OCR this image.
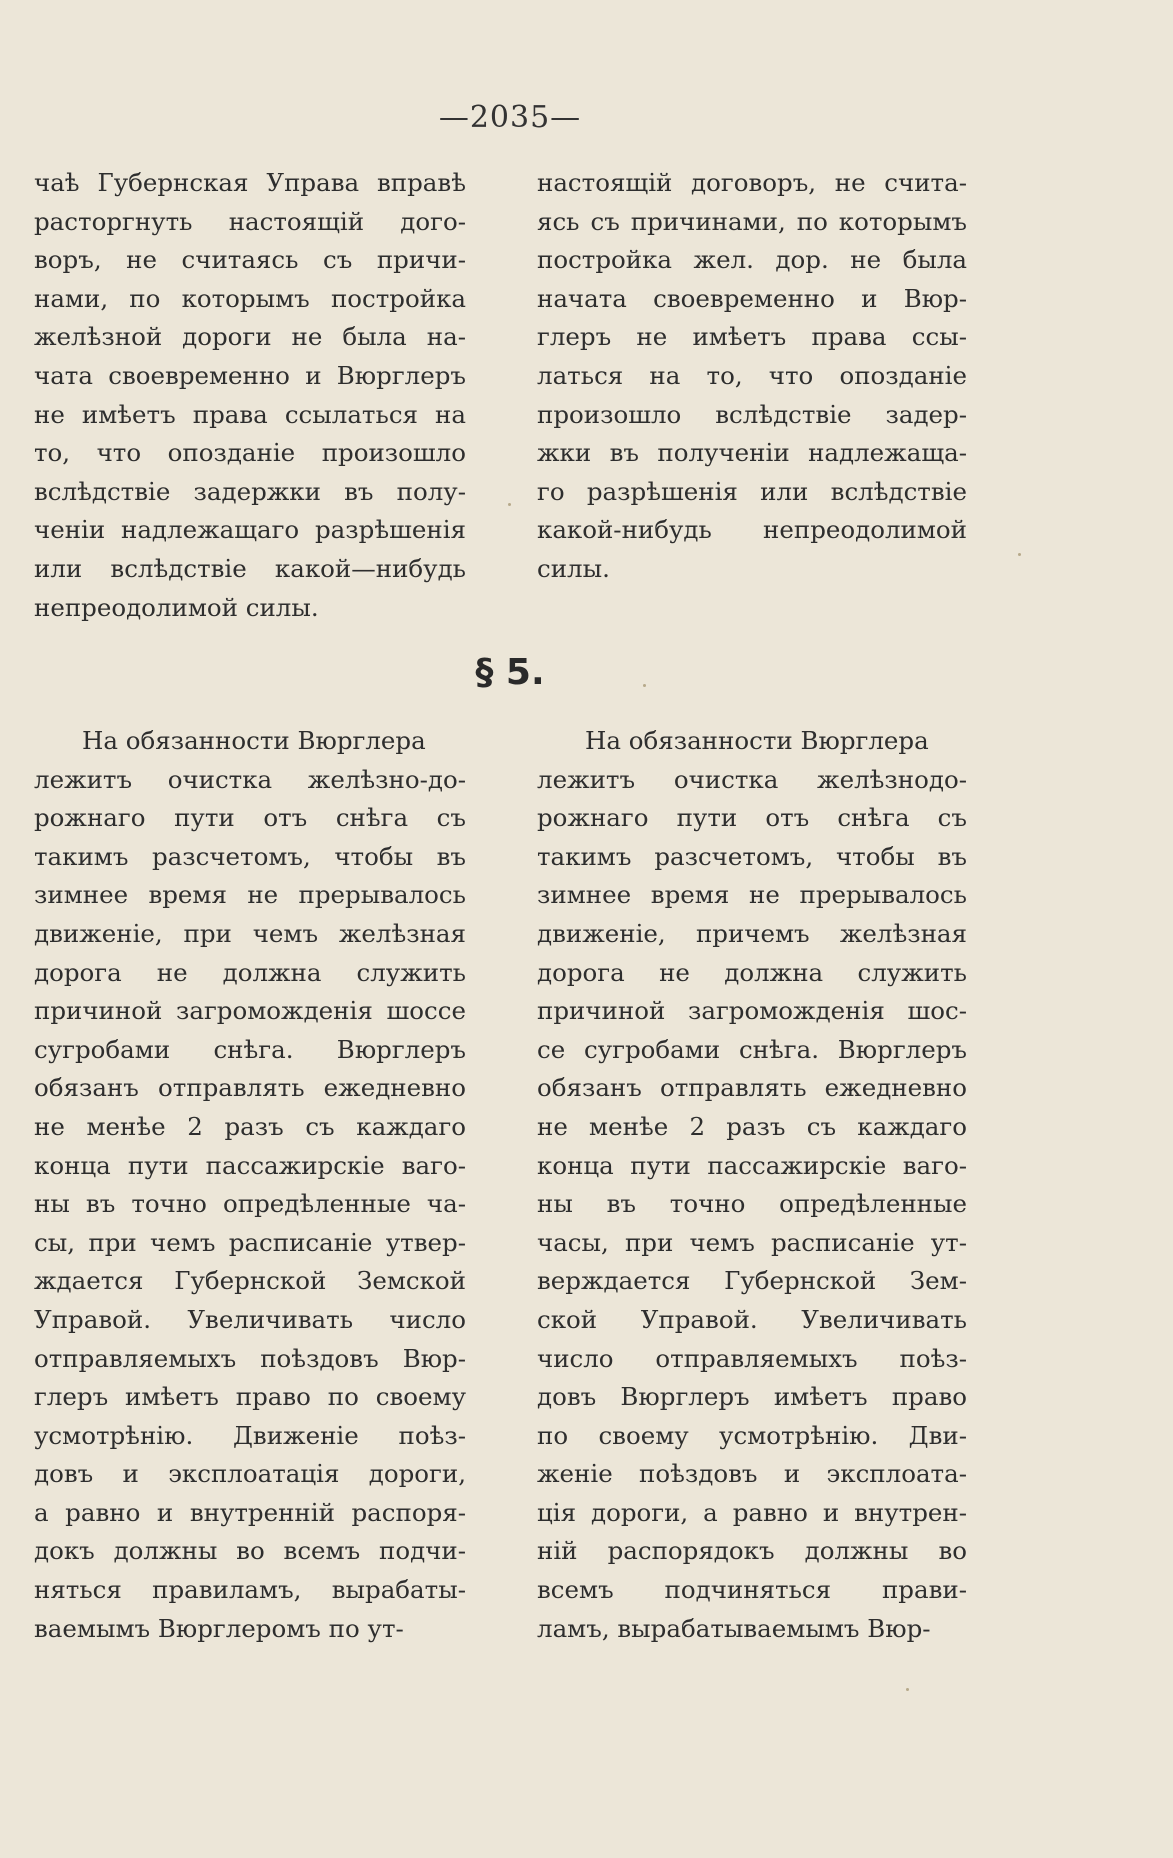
—2035—
чаѣ Губернская Управа вправѣ
расторгнуть настоящій дого-
воръ, не считаясь съ причи-
нами, по которымъ постройка
желѣзной дороги не была на-
чата своевременно и Вюрглеръ
не имѣетъ права ссылаться на
то, что опозданіе произошло
вслѣдствіе задержки въ полу-
ченіи надлежащаго разрѣшенія
или вслѣдствіе какой—нибудь
непреодолимой силы.
настоящій договоръ, не счита-
ясь съ причинами, по которымъ
постройка жел. дор. не была
начата своевременно и Вюр-
глеръ не имѣетъ права ссы-
латься на то, что опозданіе
произошло вслѣдствіе задер-
жки въ полученіи надлежаща-
го разрѣшенія или вслѣдствіе
какой-нибудь непреодолимой
силы.
§ 5.
На обязанности Вюрглера
лежитъ очистка желѣзно-до-
рожнаго пути отъ снѣга съ
такимъ разсчетомъ, чтобы въ
зимнее время не прерывалось
движеніе, при чемъ желѣзная
дорога не должна служить
причиной загроможденія шоссе
сугробами снѣга. Вюрглеръ
обязанъ отправлять ежедневно
не менѣе 2 разъ съ каждаго
конца пути пассажирскіе ваго-
ны въ точно опредѣленные ча-
сы, при чемъ расписаніе утвер-
ждается Губернской Земской
Управой. Увеличивать число
отправляемыхъ поѣздовъ Вюр-
глеръ имѣетъ право по своему
усмотрѣнію. Движеніе поѣз-
довъ и эксплоатація дороги,
а равно и внутренній распоря-
докъ должны во всемъ подчи-
няться правиламъ, вырабаты-
ваемымъ Вюрглеромъ по ут-
На обязанности Вюрглера
лежитъ очистка желѣзнодо-
рожнаго пути отъ снѣга съ
такимъ разсчетомъ, чтобы въ
зимнее время не прерывалось
движеніе, причемъ желѣзная
дорога не должна служить
причиной загроможденія шос-
се сугробами снѣга. Вюрглеръ
обязанъ отправлять ежедневно
не менѣе 2 разъ съ каждаго
конца пути пассажирскіе ваго-
ны въ точно опредѣленные
часы, при чемъ расписаніе ут-
верждается Губернской Зем-
ской Управой. Увеличивать
число отправляемыхъ поѣз-
довъ Вюрглеръ имѣетъ право
по своему усмотрѣнію. Дви-
женіе поѣздовъ и эксплоата-
ція дороги, а равно и внутрен-
ній распорядокъ должны во
всемъ подчиняться прави-
ламъ, вырабатываемымъ Вюр-
